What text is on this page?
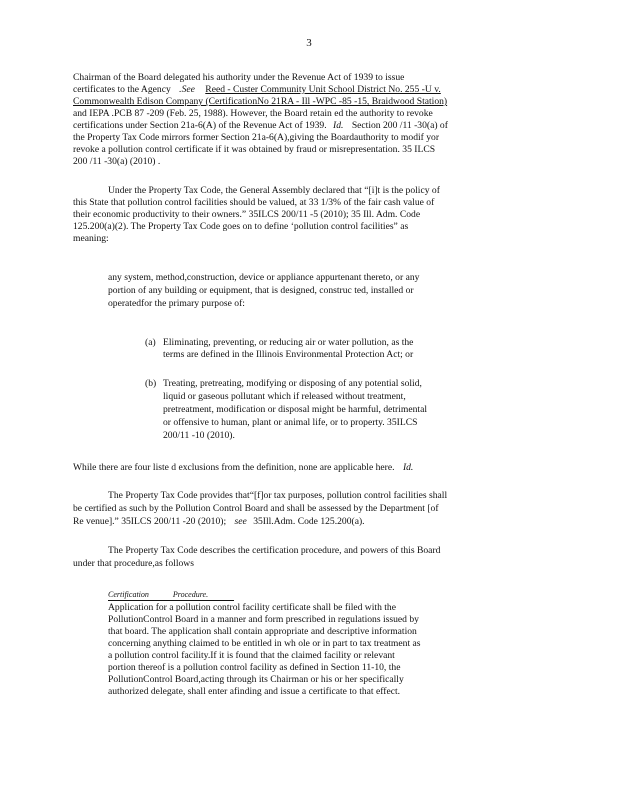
3
Chairman of the Board delegated his authority under the Revenue Act of 1939 to issue
certificates to the Agency .See Reed - Custer Community Unit School District No. 255 -U v.
Commonwealth Edison Company (CertificationNo 21RA - Ill -WPC -85 -15, Braidwood Station)
and IEPA .PCB 87 -209 (Feb. 25, 1988). However, the Board retain ed the authority to revoke
certifications under Section 21a-6(A) of the Revenue Act of 1939. Id. Section 200 /11 -30(a) of
the Property Tax Code mirrors former Section 21a-6(A),giving the Boardauthority to modif yor
revoke a pollution control certificate if it was obtained by fraud or misrepresentation. 35 ILCS
200 /11 -30(a) (2010) .
Under the Property Tax Code, the General Assembly declared that “[i]t is the policy of
this State that pollution control facilities should be valued, at 33 1/3% of the fair cash value of
their economic productivity to their owners.” 35ILCS 200/11 -5 (2010); 35 Ill. Adm. Code
125.200(a)(2). The Property Tax Code goes on to define ‘pollution control facilities” as
meaning:
any system, method,construction, device or appliance appurtenant thereto, or any
portion of any building or equipment, that is designed, construc ted, installed or
operatedfor the primary purpose of:
(a) Eliminating, preventing, or reducing air or water pollution, as the
terms are defined in the Illinois Environmental Protection Act; or
(b) Treating, pretreating, modifying or disposing of any potential solid,
liquid or gaseous pollutant which if released without treatment,
pretreatment, modification or disposal might be harmful, detrimental
or offensive to human, plant or animal life, or to property. 35ILCS
200/11 -10 (2010).
While there are four liste d exclusions from the definition, none are applicable here. Id.
The Property Tax Code provides that“[f]or tax purposes, pollution control facilities shall
be certified as such by the Pollution Control Board and shall be assessed by the Department [of
Re venue].” 35ILCS 200/11 -20 (2010); see 35Ill.Adm. Code 125.200(a).
The Property Tax Code describes the certification procedure, and powers of this Board
under that procedure,as follows
Certification	Procedure.
Application for a pollution control facility certificate shall be filed with the
PollutionControl Board in a manner and form prescribed in regulations issued by
that board. The application shall contain appropriate and descriptive information
concerning anything claimed to be entitled in wh ole or in part to tax treatment as
a pollution control facility.If it is found that the claimed facility or relevant
portion thereof is a pollution control facility as defined in Section 11-10, the
PollutionControl Board,acting through its Chairman or his or her specifically
authorized delegate, shall enter afinding and issue a certificate to that effect.
